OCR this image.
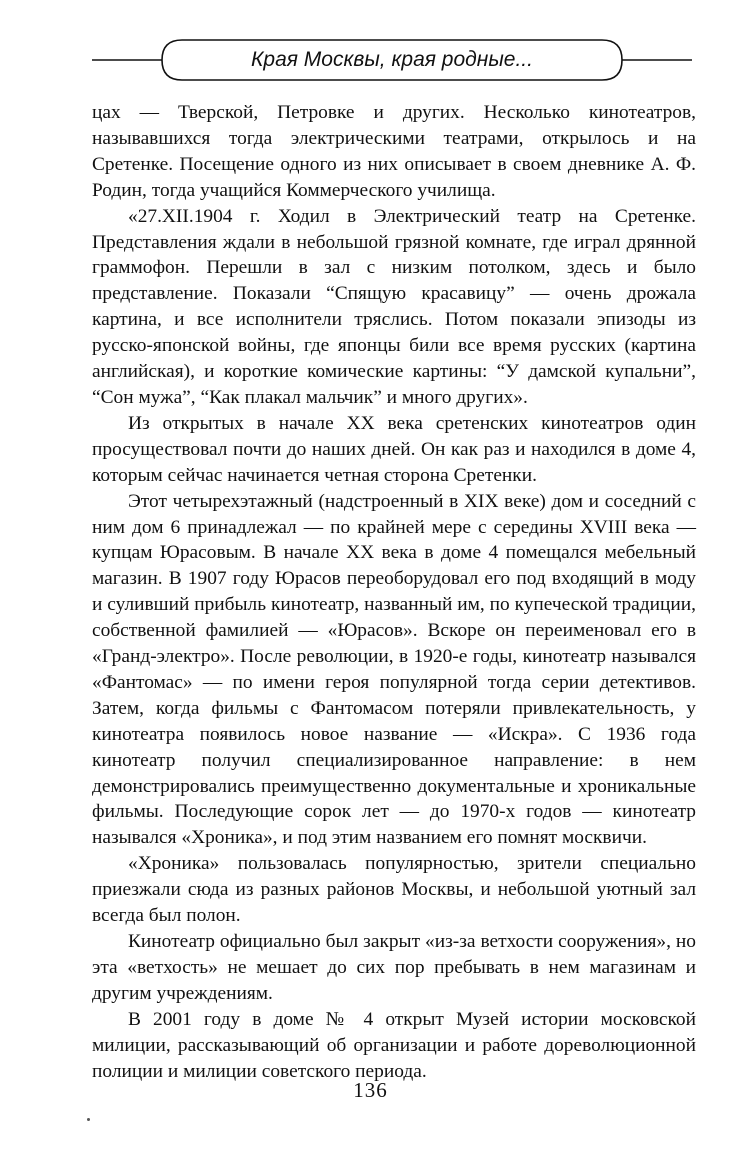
Края Москвы, края родные...

цах — Тверской, Петровке и других. Несколько кинотеатров, называвшихся тогда электрическими театрами, открылось и на Сретенке. Посещение одного из них описывает в своем дневнике А. Ф. Родин, тогда учащийся Коммерческого училища.

«27.XII.1904 г. Ходил в Электрический театр на Сретенке. Представления ждали в небольшой грязной комнате, где играл дрянной граммофон. Перешли в зал с низким потолком, здесь и было представление. Показали “Спящую красавицу” — очень дрожала картина, и все исполнители тряслись. Потом показали эпизоды из русско-японской войны, где японцы били все время русских (картина английская), и короткие комические картины: “У дамской купальни”, “Сон мужа”, “Как плакал мальчик” и много других».

Из открытых в начале XX века сретенских кинотеатров один просуществовал почти до наших дней. Он как раз и находился в доме 4, которым сейчас начинается четная сторона Сретенки.

Этот четырехэтажный (надстроенный в XIX веке) дом и соседний с ним дом 6 принадлежал — по крайней мере с середины XVIII века — купцам Юрасовым. В начале XX века в доме 4 помещался мебельный магазин. В 1907 году Юрасов переоборудовал его под входящий в моду и суливший прибыль кинотеатр, названный им, по купеческой традиции, собственной фамилией — «Юрасов». Вскоре он переименовал его в «Гранд-электро». После революции, в 1920-е годы, кинотеатр назывался «Фантомас» — по имени героя популярной тогда серии детективов. Затем, когда фильмы с Фантомасом потеряли привлекательность, у кинотеатра появилось новое название — «Искра». С 1936 года кинотеатр получил специализированное направление: в нем демонстрировались преимущественно документальные и хроникальные фильмы. Последующие сорок лет — до 1970-х годов — кинотеатр назывался «Хроника», и под этим названием его помнят москвичи.

«Хроника» пользовалась популярностью, зрители специально приезжали сюда из разных районов Москвы, и небольшой уютный зал всегда был полон.

Кинотеатр официально был закрыт «из-за ветхости сооружения», но эта «ветхость» не мешает до сих пор пребывать в нем магазинам и другим учреждениям.

В 2001 году в доме № 4 открыт Музей истории московской милиции, рассказывающий об организации и работе дореволюционной полиции и милиции советского периода.

136
